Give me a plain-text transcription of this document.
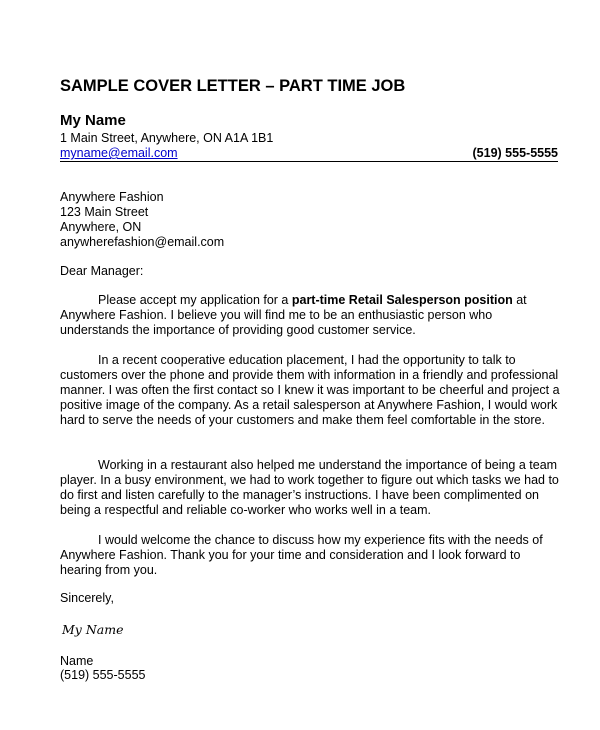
SAMPLE COVER LETTER – PART TIME JOB
My Name
1 Main Street, Anywhere, ON A1A 1B1
myname@email.com	(519) 555-5555
Anywhere Fashion
123 Main Street
Anywhere, ON
anywherefashion@email.com
Dear Manager:

Please accept my application for a part-time Retail Salesperson position at Anywhere Fashion. I believe you will find me to be an enthusiastic person who understands the importance of providing good customer service.

In a recent cooperative education placement, I had the opportunity to talk to customers over the phone and provide them with information in a friendly and professional manner. I was often the first contact so I knew it was important to be cheerful and project a positive image of the company. As a retail salesperson at Anywhere Fashion, I would work hard to serve the needs of your customers and make them feel comfortable in the store.

Working in a restaurant also helped me understand the importance of being a team player. In a busy environment, we had to work together to figure out which tasks we had to do first and listen carefully to the manager’s instructions. I have been complimented on being a respectful and reliable co-worker who works well in a team.

I would welcome the chance to discuss how my experience fits with the needs of Anywhere Fashion. Thank you for your time and consideration and I look forward to hearing from you.

Sincerely,
My Name
Name
(519) 555-5555
